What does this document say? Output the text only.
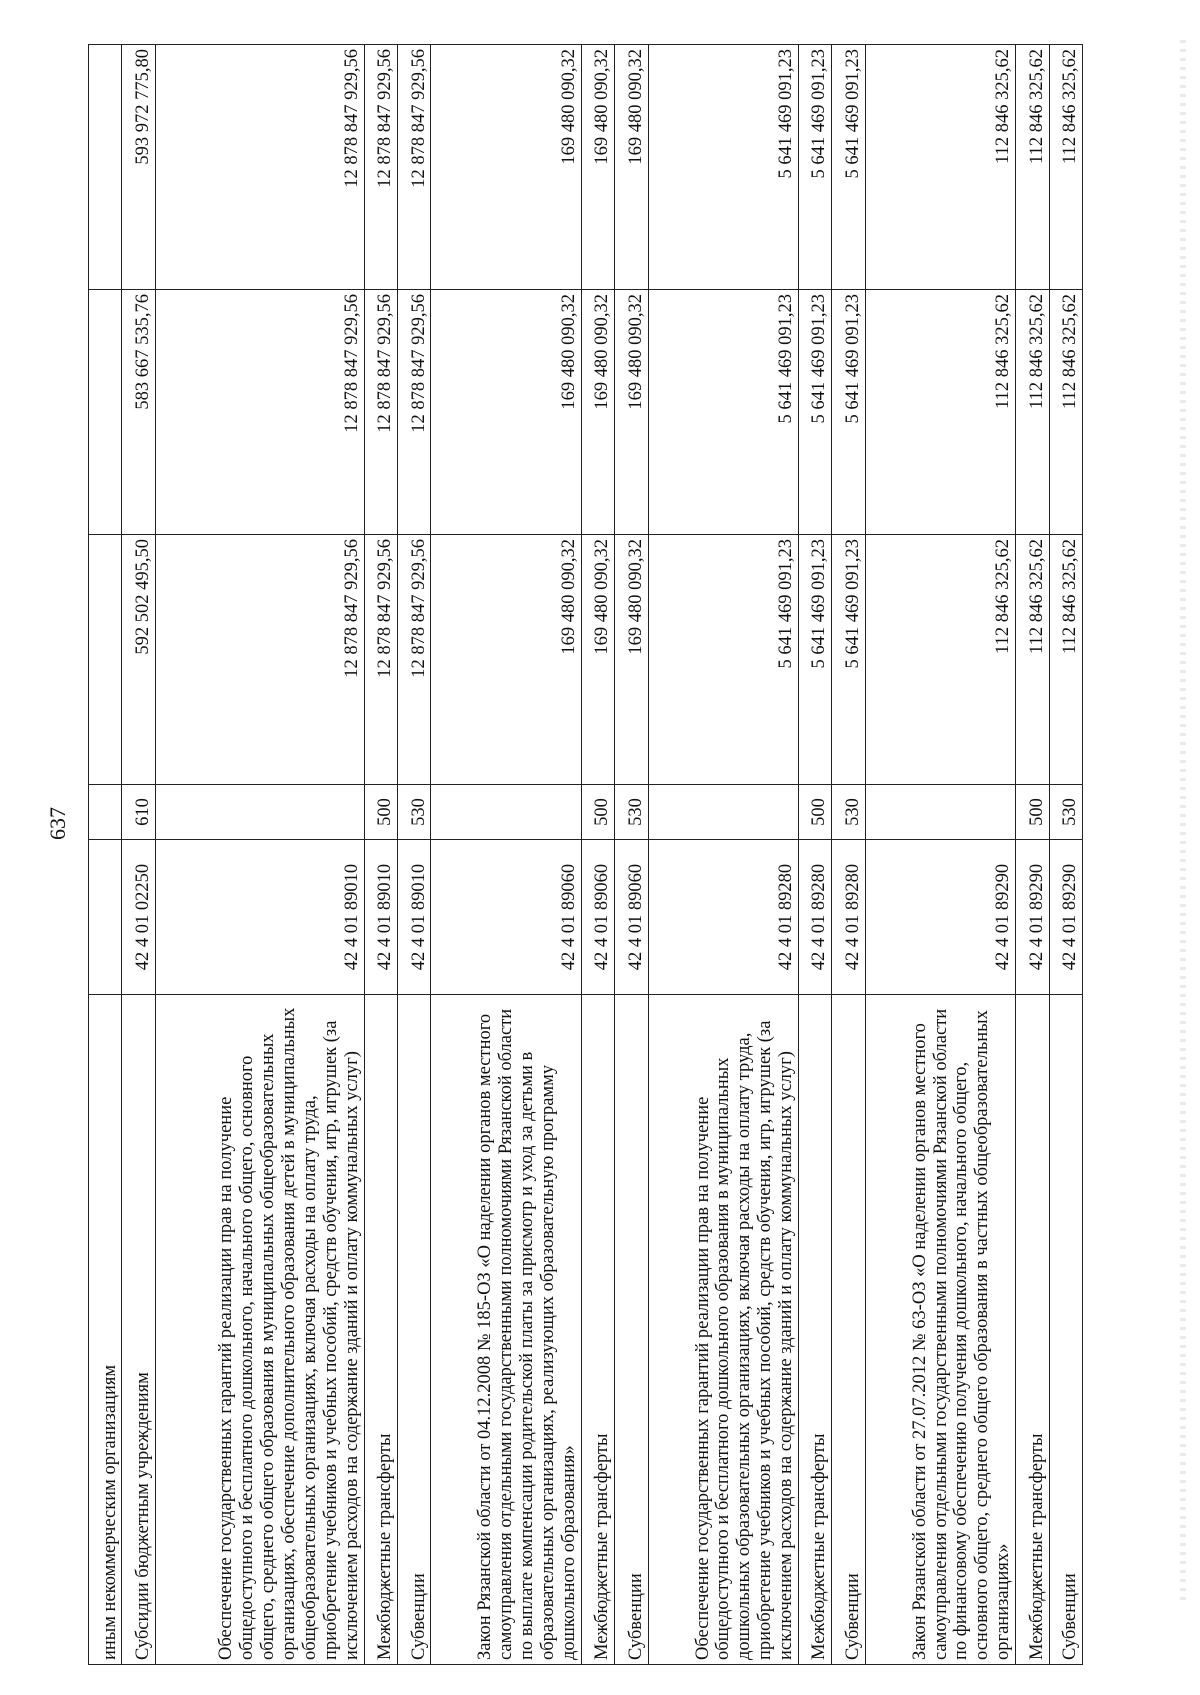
637
иным некоммерческим организациям					
Субсидии бюджетным учреждениям	42 4 01 02250	610	592 502 495,50	583 667 535,76	593 972 775,80
Обеспечение государственных гарантий реализации прав на получение общедоступного и бесплатного дошкольного, начального общего, основного общего, среднего общего образования в муниципальных общеобразовательных организациях, обеспечение дополнительного образования детей в муниципальных общеобразовательных организациях, включая расходы на оплату труда, приобретение учебников и учебных пособий, средств обучения, игр, игрушек (за исключением расходов на содержание зданий и оплату коммунальных услуг)	42 4 01 89010		12 878 847 929,56	12 878 847 929,56	12 878 847 929,56
Межбюджетные трансферты	42 4 01 89010	500	12 878 847 929,56	12 878 847 929,56	12 878 847 929,56
Субвенции	42 4 01 89010	530	12 878 847 929,56	12 878 847 929,56	12 878 847 929,56
Закон Рязанской области от 04.12.2008 № 185-ОЗ «О наделении органов местного самоуправления отдельными государственными полномочиями Рязанской области по выплате компенсации родительской платы за присмотр и уход за детьми в образовательных организациях, реализующих образовательную программу дошкольного образования»	42 4 01 89060		169 480 090,32	169 480 090,32	169 480 090,32
Межбюджетные трансферты	42 4 01 89060	500	169 480 090,32	169 480 090,32	169 480 090,32
Субвенции	42 4 01 89060	530	169 480 090,32	169 480 090,32	169 480 090,32
Обеспечение государственных гарантий реализации прав на получение общедоступного и бесплатного дошкольного образования в муниципальных дошкольных образовательных организациях, включая расходы на оплату труда, приобретение учебников и учебных пособий, средств обучения, игр, игрушек (за исключением расходов на содержание зданий и оплату коммунальных услуг)	42 4 01 89280		5 641 469 091,23	5 641 469 091,23	5 641 469 091,23
Межбюджетные трансферты	42 4 01 89280	500	5 641 469 091,23	5 641 469 091,23	5 641 469 091,23
Субвенции	42 4 01 89280	530	5 641 469 091,23	5 641 469 091,23	5 641 469 091,23
Закон Рязанской области от 27.07.2012 № 63-ОЗ «О наделении органов местного самоуправления отдельными государственными полномочиями Рязанской области по финансовому обеспечению получения дошкольного, начального общего, основного общего, среднего общего образования в частных общеобразовательных организациях»	42 4 01 89290		112 846 325,62	112 846 325,62	112 846 325,62
Межбюджетные трансферты	42 4 01 89290	500	112 846 325,62	112 846 325,62	112 846 325,62
Субвенции	42 4 01 89290	530	112 846 325,62	112 846 325,62	112 846 325,62
